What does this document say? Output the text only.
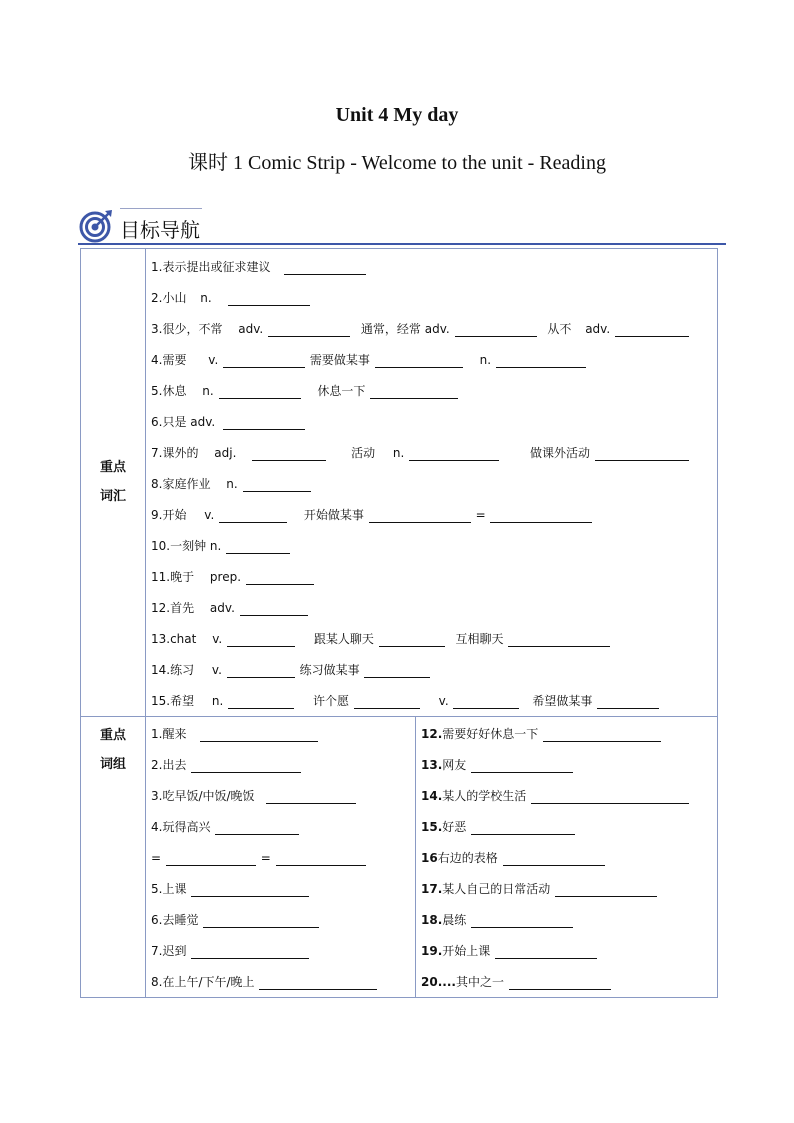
Unit 4 My day
课时 1 Comic Strip - Welcome to the unit - Reading
目标导航
重点
词汇
1.表示提出或征求建议
2.小山 n.
3.很少，不常 adv.	通常，经常 adv.	从不 adv.
4.需要 v.	需要做某事	n.
5.休息 n.	休息一下
6.只是 adv.
7.课外的 adj.	活动 n.	做课外活动
8.家庭作业 n.
9.开始 v.	开始做某事	=
10.一刻钟 n.
11.晚于 prep.
12.首先 adv.
13.chat v.	跟某人聊天	互相聊天
14.练习 v.	练习做某事
15.希望 n.	许个愿	v.	希望做某事
重点
词组
1.醒来
2.出去
3.吃早饭/中饭/晚饭
4.玩得高兴
=	=
5.上课
6.去睡觉
7.迟到
8.在上午/下午/晚上
12.需要好好休息一下
13.网友
14.某人的学校生活
15.好恶
16右边的表格
17.某人自己的日常活动
18.晨练
19.开始上课
20....其中之一
